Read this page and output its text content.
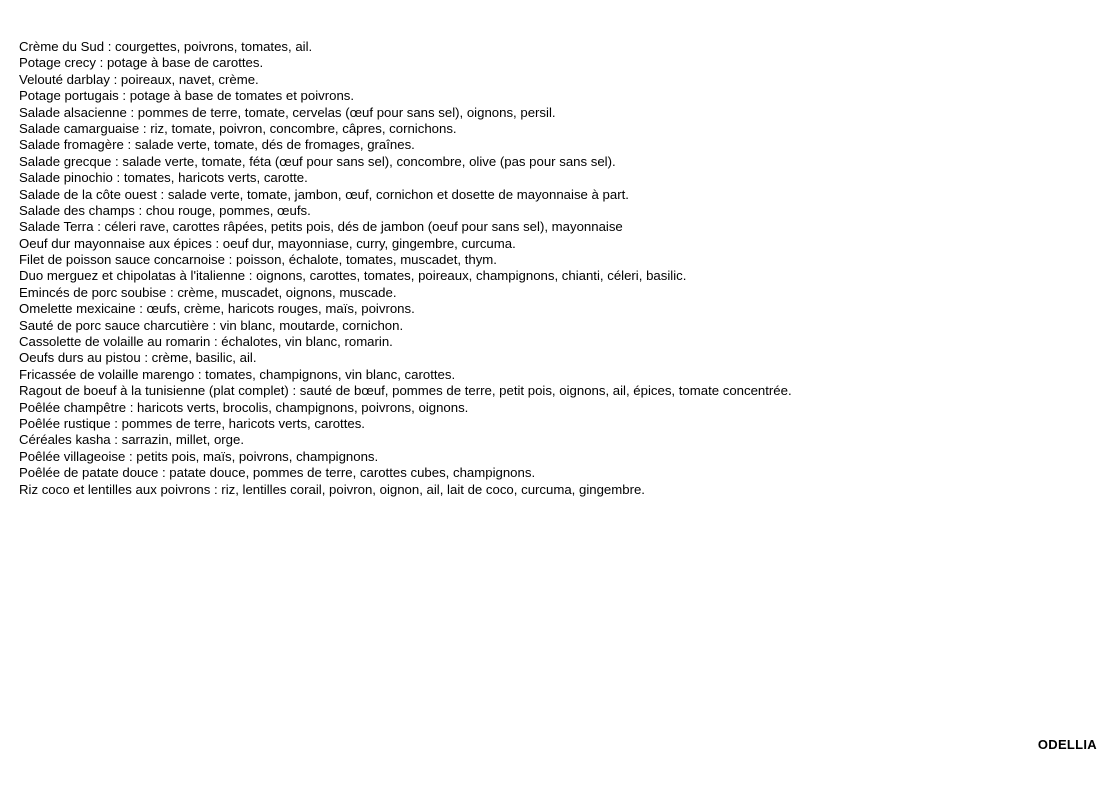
Crème du Sud : courgettes, poivrons, tomates, ail.
Potage crecy : potage à base de carottes.
Velouté darblay : poireaux, navet, crème.
Potage portugais : potage à base de tomates et poivrons.
Salade alsacienne : pommes de terre, tomate, cervelas (œuf pour sans sel), oignons, persil.
Salade camarguaise : riz, tomate, poivron, concombre, câpres, cornichons.
Salade fromagère : salade verte, tomate, dés de fromages, graînes.
Salade grecque : salade verte, tomate, féta (œuf pour sans sel), concombre, olive (pas pour sans sel).
Salade pinochio : tomates, haricots verts, carotte.
Salade de la côte ouest : salade verte, tomate, jambon, œuf, cornichon et dosette de mayonnaise à part.
Salade des champs : chou rouge, pommes, œufs.
Salade Terra : céleri rave, carottes râpées, petits pois, dés de jambon (oeuf pour sans sel), mayonnaise
Oeuf dur mayonnaise aux épices : oeuf dur, mayonniase, curry, gingembre, curcuma.
Filet de poisson sauce concarnoise : poisson, échalote, tomates, muscadet, thym.
Duo merguez et chipolatas à l'italienne : oignons, carottes, tomates, poireaux, champignons, chianti, céleri, basilic.
Emincés de porc soubise : crème, muscadet, oignons, muscade.
Omelette mexicaine : œufs, crème, haricots rouges, maïs, poivrons.
Sauté de porc sauce charcutière : vin blanc, moutarde, cornichon.
Cassolette de volaille au romarin : échalotes, vin blanc, romarin.
Oeufs durs au pistou : crème, basilic, ail.
Fricassée de volaille marengo : tomates, champignons, vin blanc, carottes.
Ragout de boeuf à la tunisienne (plat complet) : sauté de bœuf, pommes de terre, petit pois, oignons, ail, épices, tomate concentrée.
Poêlée champêtre : haricots verts, brocolis, champignons, poivrons, oignons.
Poêlée rustique : pommes de terre, haricots verts, carottes.
Céréales kasha : sarrazin, millet, orge.
Poêlée villageoise : petits pois, maïs, poivrons, champignons.
Poêlée de patate douce : patate douce, pommes de terre, carottes cubes, champignons.
Riz coco et lentilles aux poivrons : riz, lentilles corail, poivron, oignon, ail, lait de coco, curcuma, gingembre.
ODELLIA
